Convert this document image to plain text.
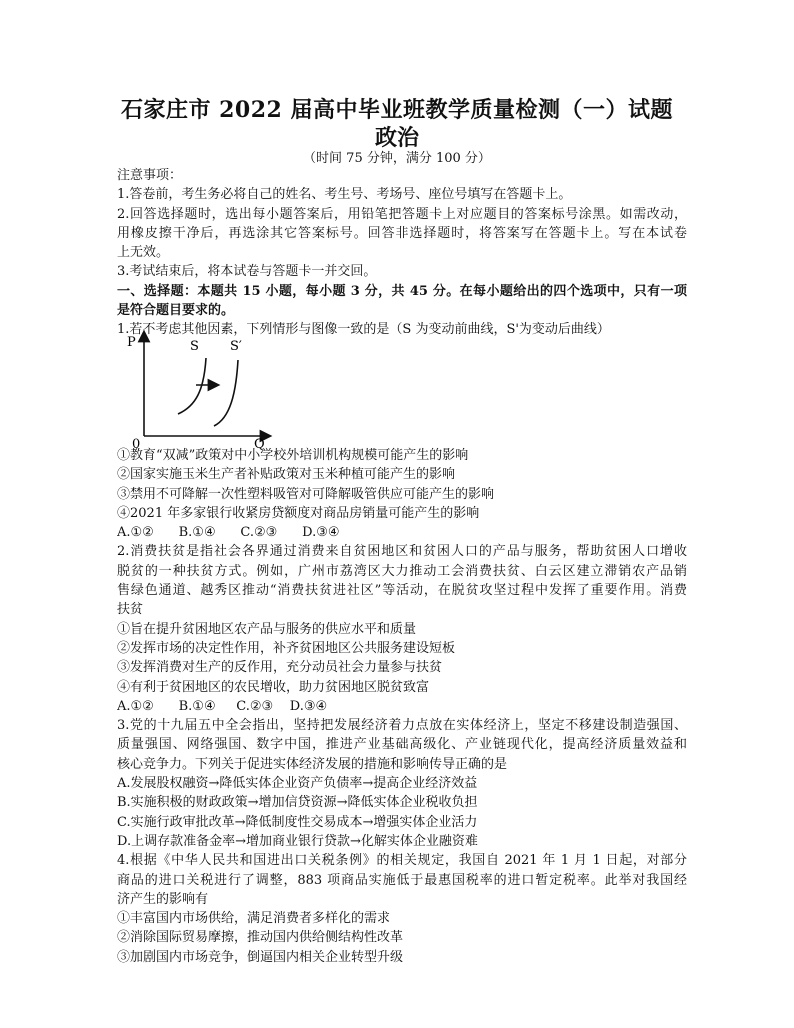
石家庄市 2022 届高中毕业班教学质量检测（一）试题
政治
（时间 75 分钟，满分 100 分）
注意事项：
1.答卷前，考生务必将自己的姓名、考生号、考场号、座位号填写在答题卡上。
2.回答选择题时，选出每小题答案后，用铅笔把答题卡上对应题目的答案标号涂黑。如需改动，
用橡皮擦干净后，再选涂其它答案标号。回答非选择题时，将答案写在答题卡上。写在本试卷
上无效。
3.考试结束后，将本试卷与答题卡一并交回。
一、选择题：本题共 15 小题，每小题 3 分，共 45 分。在每小题给出的四个选项中，只有一项
是符合题目要求的。
1.若不考虑其他因素，下列情形与图像一致的是（S 为变动前曲线，S'为变动后曲线）
P
Q
0
S S′
①教育“双减”政策对中小学校外培训机构规模可能产生的影响
②国家实施玉米生产者补贴政策对玉米种植可能产生的影响
③禁用不可降解一次性塑料吸管对可降解吸管供应可能产生的影响
④2021 年多家银行收紧房贷额度对商品房销量可能产生的影响
A.①②      B.①④      C.②③      D.③④
2.消费扶贫是指社会各界通过消费来自贫困地区和贫困人口的产品与服务，帮助贫困人口增收
脱贫的一种扶贫方式。例如，广州市荔湾区大力推动工会消费扶贫、白云区建立滞销农产品销
售绿色通道、越秀区推动“消费扶贫进社区”等活动，在脱贫攻坚过程中发挥了重要作用。消费
扶贫
①旨在提升贫困地区农产品与服务的供应水平和质量
②发挥市场的决定性作用，补齐贫困地区公共服务建设短板
③发挥消费对生产的反作用，充分动员社会力量参与扶贫
④有利于贫困地区的农民增收，助力贫困地区脱贫致富
A.①②      B.①④     C.②③    D.③④
3.党的十九届五中全会指出，坚持把发展经济着力点放在实体经济上，坚定不移建设制造强国、
质量强国、网络强国、数字中国，推进产业基础高级化、产业链现代化，提高经济质量效益和
核心竞争力。下列关于促进实体经济发展的措施和影响传导正确的是
A.发展股权融资→降低实体企业资产负债率→提高企业经济效益
B.实施积极的财政政策→增加信贷资源→降低实体企业税收负担
C.实施行政审批改革→降低制度性交易成本→增强实体企业活力
D.上调存款准备金率→增加商业银行贷款→化解实体企业融资难
4.根据《中华人民共和国进出口关税条例》的相关规定，我国自 2021 年 1 月 1 日起，对部分
商品的进口关税进行了调整，883 项商品实施低于最惠国税率的进口暂定税率。此举对我国经
济产生的影响有
①丰富国内市场供给，满足消费者多样化的需求
②消除国际贸易摩擦，推动国内供给侧结构性改革
③加剧国内市场竞争，倒逼国内相关企业转型升级
